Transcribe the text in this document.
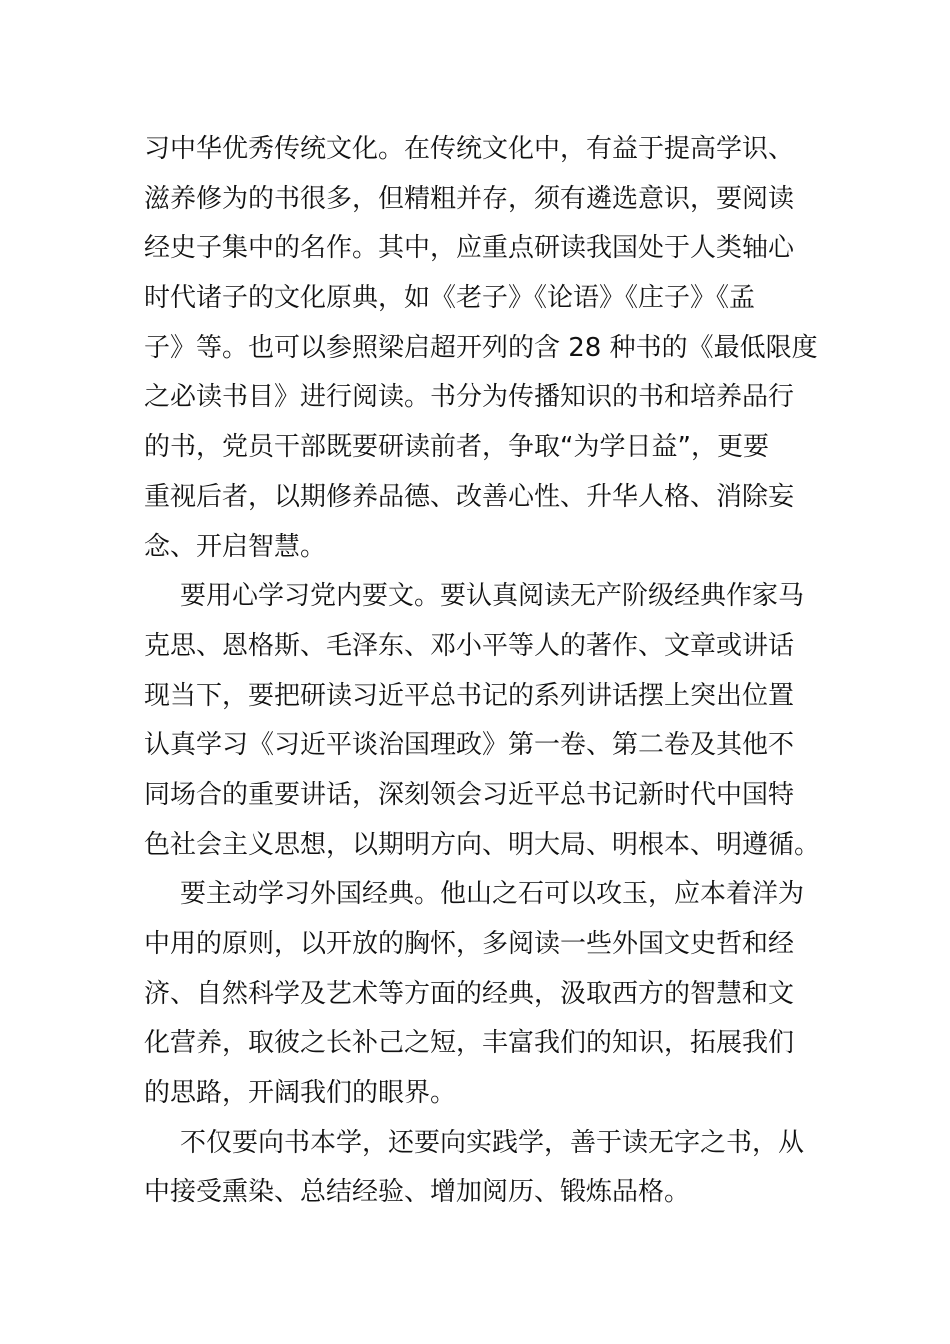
习中华优秀传统文化。在传统文化中，有益于提高学识、
滋养修为的书很多，但精粗并存，须有遴选意识，要阅读
经史子集中的名作。其中，应重点研读我国处于人类轴心
时代诸子的文化原典，如《老子》《论语》《庄子》《孟
子》等。也可以参照梁启超开列的含 28 种书的《最低限度
之必读书目》进行阅读。书分为传播知识的书和培养品行
的书，党员干部既要研读前者，争取“为学日益”，更要
重视后者，以期修养品德、改善心性、升华人格、消除妄
念、开启智慧。
要用心学习党内要文。要认真阅读无产阶级经典作家马
克思、恩格斯、毛泽东、邓小平等人的著作、文章或讲话
现当下，要把研读习近平总书记的系列讲话摆上突出位置
认真学习《习近平谈治国理政》第一卷、第二卷及其他不
同场合的重要讲话，深刻领会习近平总书记新时代中国特
色社会主义思想，以期明方向、明大局、明根本、明遵循。
要主动学习外国经典。他山之石可以攻玉，应本着洋为
中用的原则，以开放的胸怀，多阅读一些外国文史哲和经
济、自然科学及艺术等方面的经典，汲取西方的智慧和文
化营养，取彼之长补己之短，丰富我们的知识，拓展我们
的思路，开阔我们的眼界。
不仅要向书本学，还要向实践学，善于读无字之书，从
中接受熏染、总结经验、增加阅历、锻炼品格。
